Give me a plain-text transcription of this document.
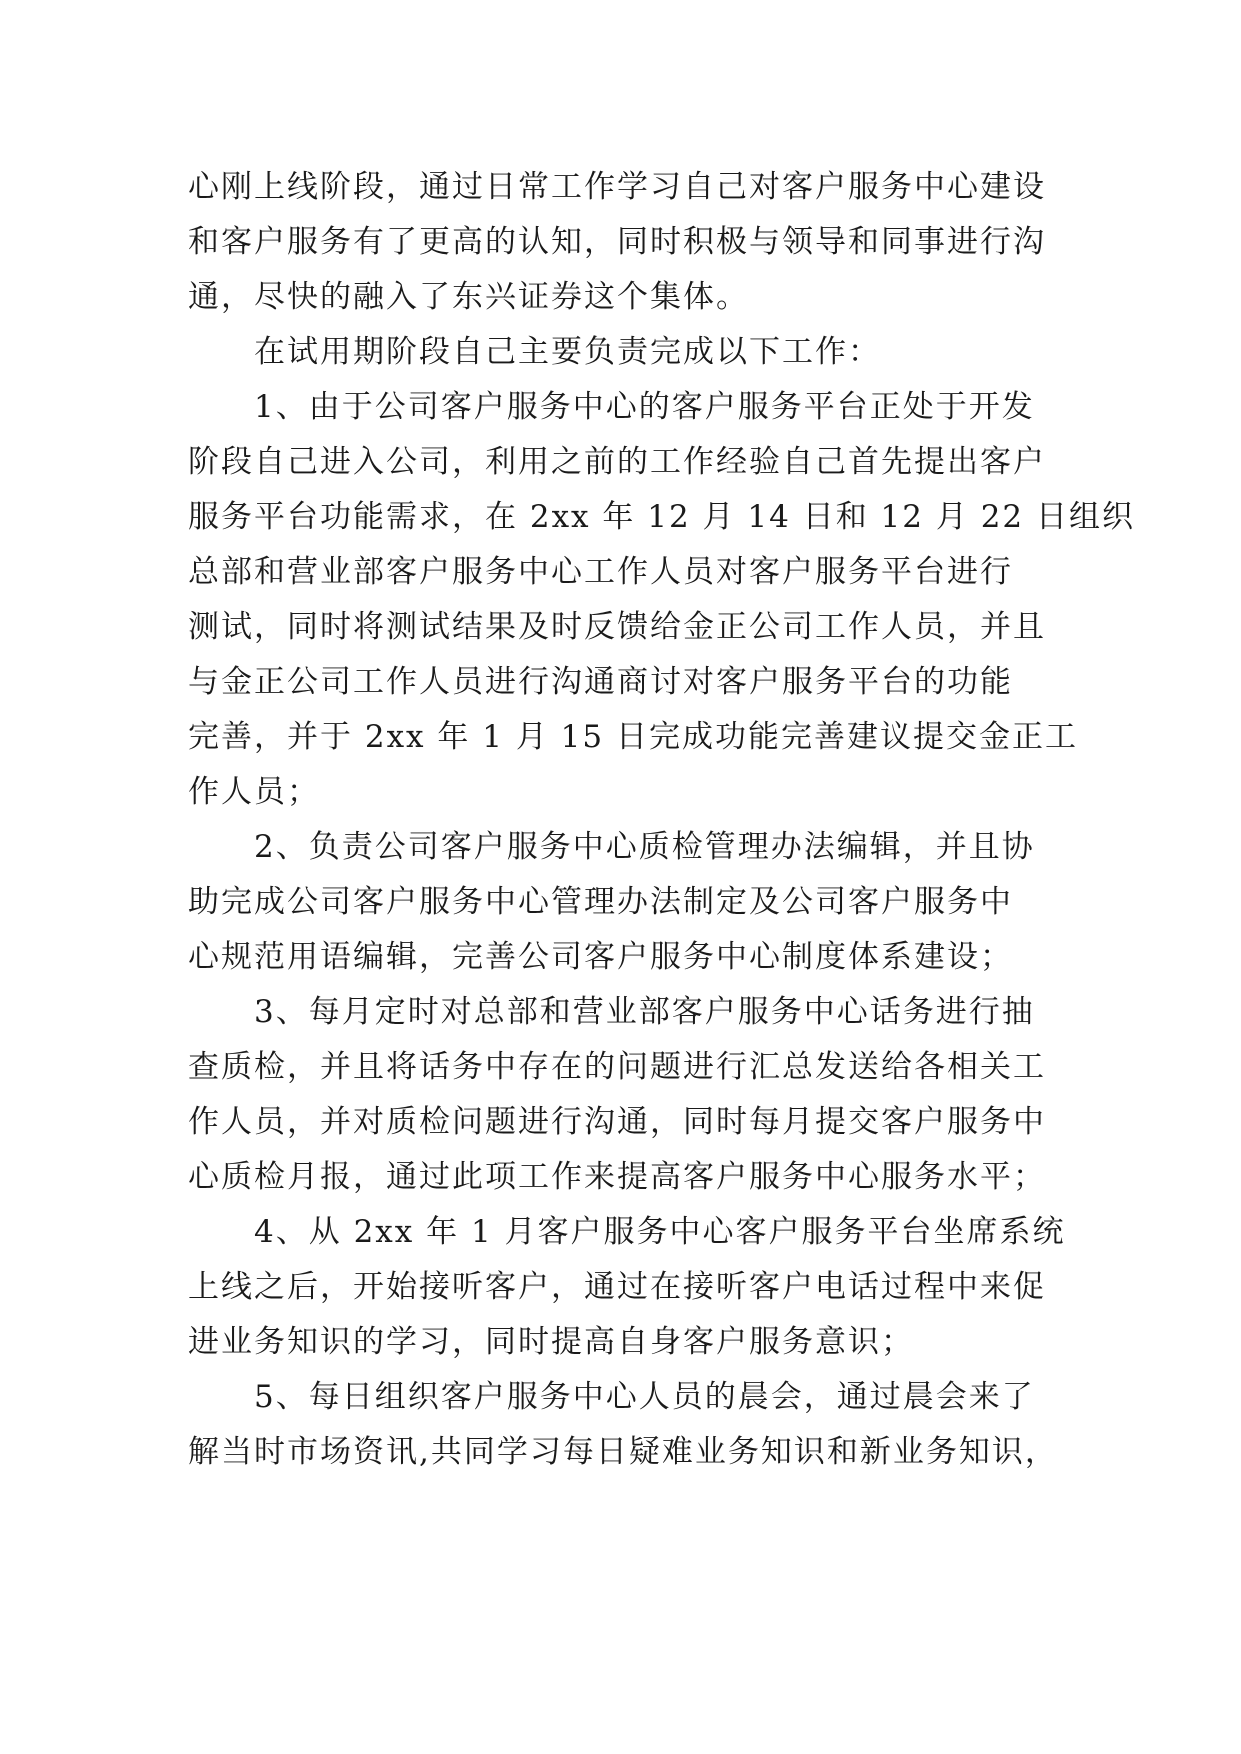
心刚上线阶段，通过日常工作学习自己对客户服务中心建设
和客户服务有了更高的认知，同时积极与领导和同事进行沟
通，尽快的融入了东兴证券这个集体。
在试用期阶段自己主要负责完成以下工作：
1、由于公司客户服务中心的客户服务平台正处于开发
阶段自己进入公司，利用之前的工作经验自己首先提出客户
服务平台功能需求，在 2xx 年 12 月 14 日和 12 月 22 日组织
总部和营业部客户服务中心工作人员对客户服务平台进行
测试，同时将测试结果及时反馈给金正公司工作人员，并且
与金正公司工作人员进行沟通商讨对客户服务平台的功能
完善，并于 2xx 年 1 月 15 日完成功能完善建议提交金正工
作人员；
2、负责公司客户服务中心质检管理办法编辑，并且协
助完成公司客户服务中心管理办法制定及公司客户服务中
心规范用语编辑，完善公司客户服务中心制度体系建设；
3、每月定时对总部和营业部客户服务中心话务进行抽
查质检，并且将话务中存在的问题进行汇总发送给各相关工
作人员，并对质检问题进行沟通，同时每月提交客户服务中
心质检月报，通过此项工作来提高客户服务中心服务水平；
4、从 2xx 年 1 月客户服务中心客户服务平台坐席系统
上线之后，开始接听客户，通过在接听客户电话过程中来促
进业务知识的学习，同时提高自身客户服务意识；
5、每日组织客户服务中心人员的晨会，通过晨会来了
解当时市场资讯,共同学习每日疑难业务知识和新业务知识，
